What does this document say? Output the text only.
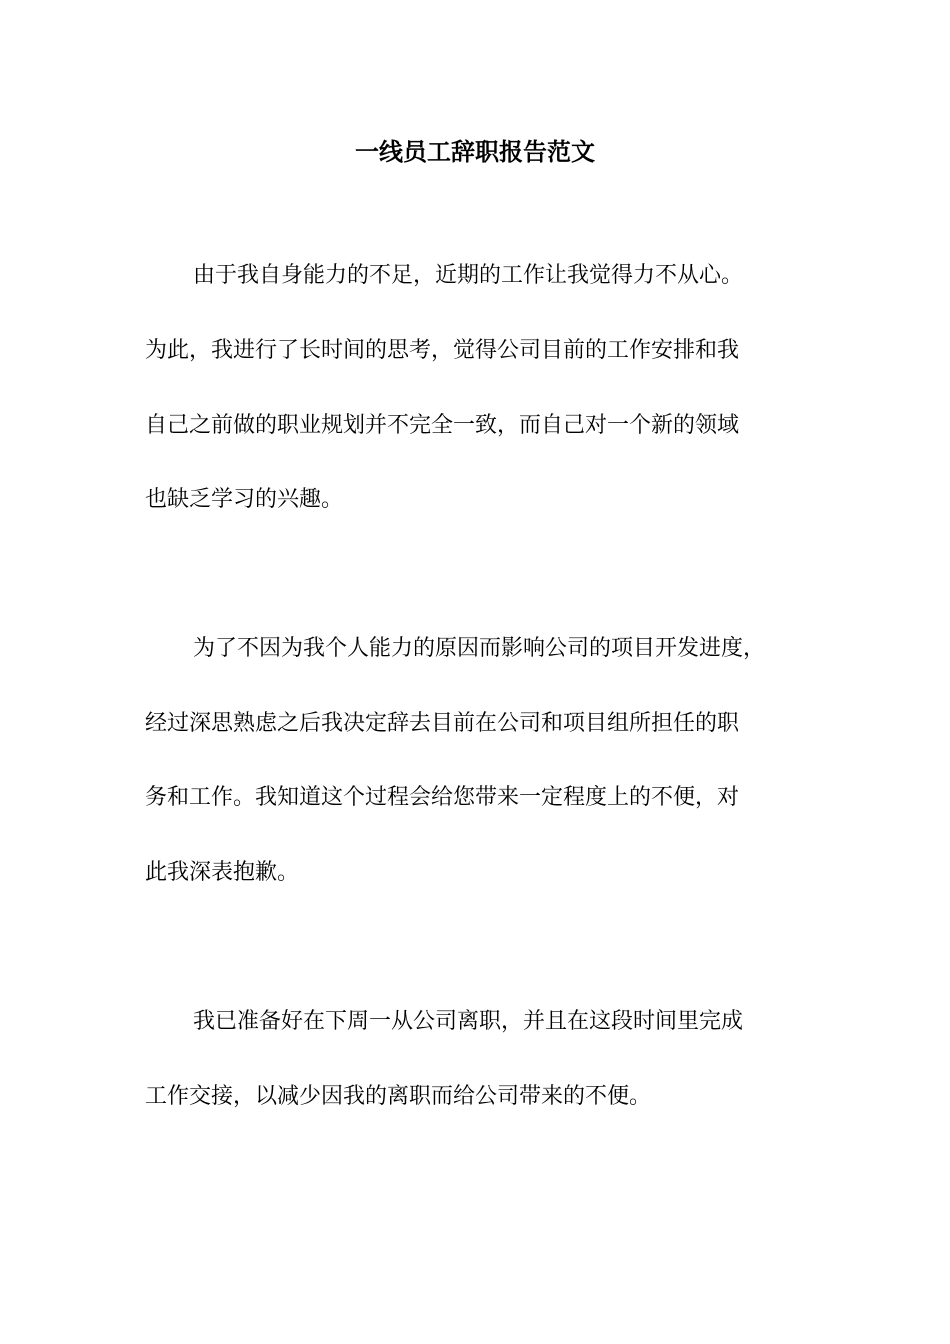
一线员工辞职报告范文

由于我自身能力的不足，近期的工作让我觉得力不从心。

为此，我进行了长时间的思考，觉得公司目前的工作安排和我

自己之前做的职业规划并不完全一致，而自己对一个新的领域

也缺乏学习的兴趣。

为了不因为我个人能力的原因而影响公司的项目开发进度，

经过深思熟虑之后我决定辞去目前在公司和项目组所担任的职

务和工作。我知道这个过程会给您带来一定程度上的不便，对

此我深表抱歉。

我已准备好在下周一从公司离职，并且在这段时间里完成

工作交接，以减少因我的离职而给公司带来的不便。
